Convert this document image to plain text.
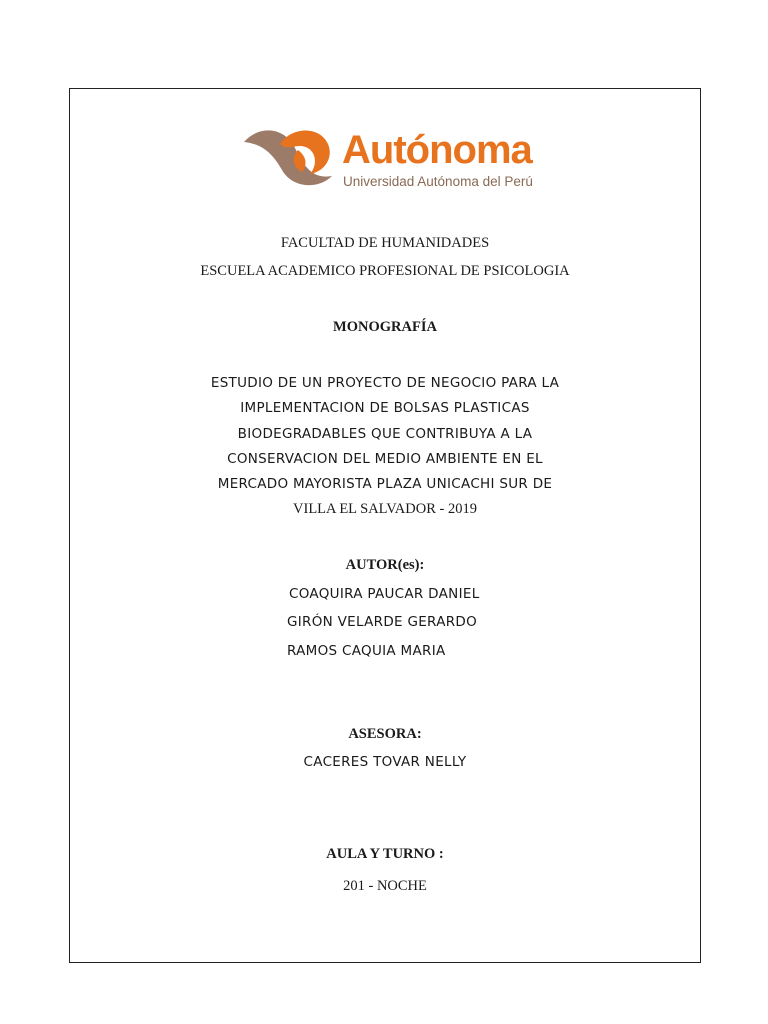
Autónoma
Universidad Autónoma del Perú
FACULTAD DE HUMANIDADES
ESCUELA ACADEMICO PROFESIONAL DE PSICOLOGIA
MONOGRAFÍA
ESTUDIO DE UN PROYECTO DE NEGOCIO PARA LA
IMPLEMENTACION DE BOLSAS PLASTICAS
BIODEGRADABLES QUE CONTRIBUYA A LA
CONSERVACION DEL MEDIO AMBIENTE EN EL
MERCADO MAYORISTA PLAZA UNICACHI SUR DE
VILLA EL SALVADOR - 2019
AUTOR(es):
COAQUIRA PAUCAR DANIEL
GIRÓN VELARDE GERARDO
RAMOS CAQUIA MARIA
ASESORA:
CACERES TOVAR NELLY
AULA Y TURNO :
201 - NOCHE
